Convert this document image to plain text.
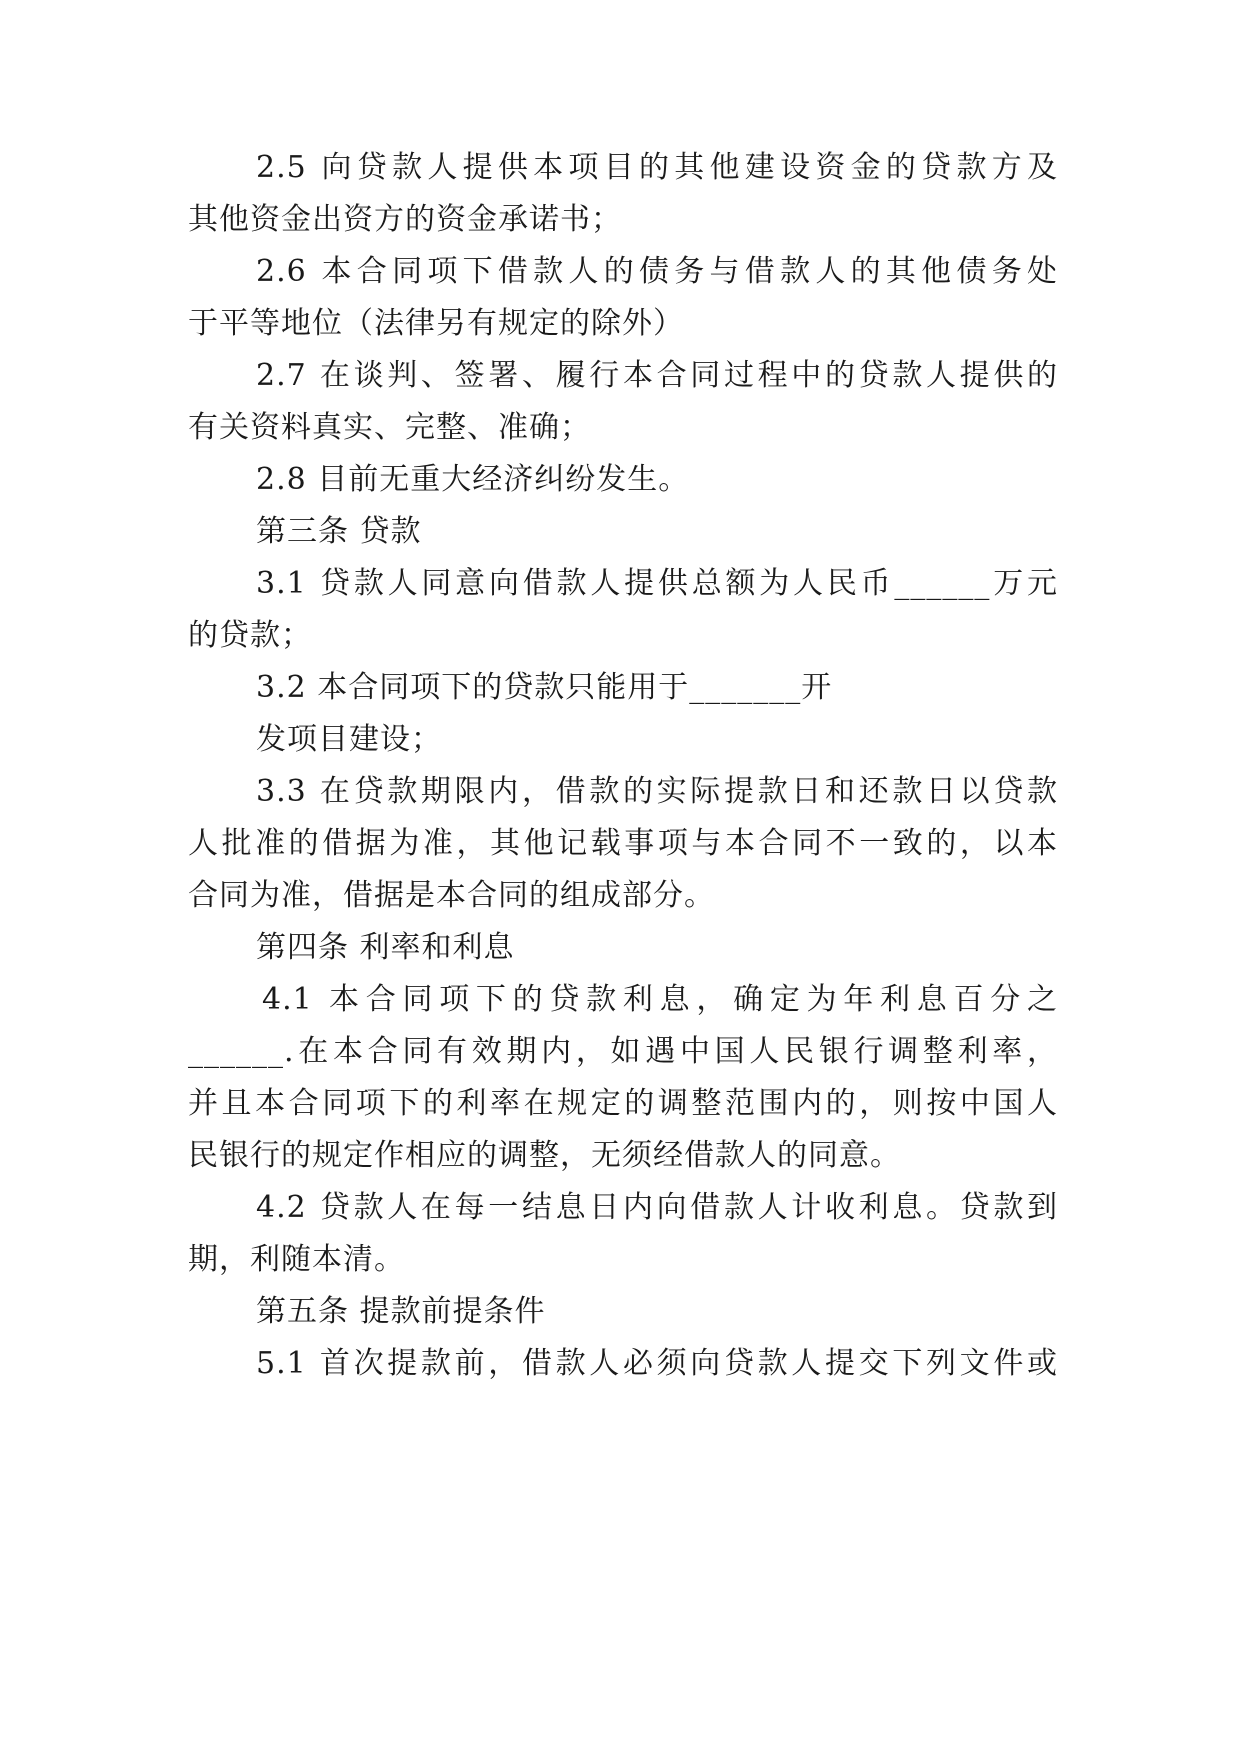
2.5 向贷款人提供本项目的其他建设资金的贷款方及
其他资金出资方的资金承诺书；
2.6 本合同项下借款人的债务与借款人的其他债务处
于平等地位（法律另有规定的除外）
2.7 在谈判、签署、履行本合同过程中的贷款人提供的
有关资料真实、完整、准确；
2.8 目前无重大经济纠纷发生。
第三条 贷款
3.1 贷款人同意向借款人提供总额为人民币______万元
的贷款；
3.2 本合同项下的贷款只能用于_______开
发项目建设；
3.3 在贷款期限内，借款的实际提款日和还款日以贷款
人批准的借据为准，其他记载事项与本合同不一致的，以本
合同为准，借据是本合同的组成部分。
第四条 利率和利息
4.1 本合同项下的贷款利息，确定为年利息百分之
______.在本合同有效期内，如遇中国人民银行调整利率，
并且本合同项下的利率在规定的调整范围内的，则按中国人
民银行的规定作相应的调整，无须经借款人的同意。
4.2 贷款人在每一结息日内向借款人计收利息。贷款到
期，利随本清。
第五条 提款前提条件
5.1 首次提款前，借款人必须向贷款人提交下列文件或
